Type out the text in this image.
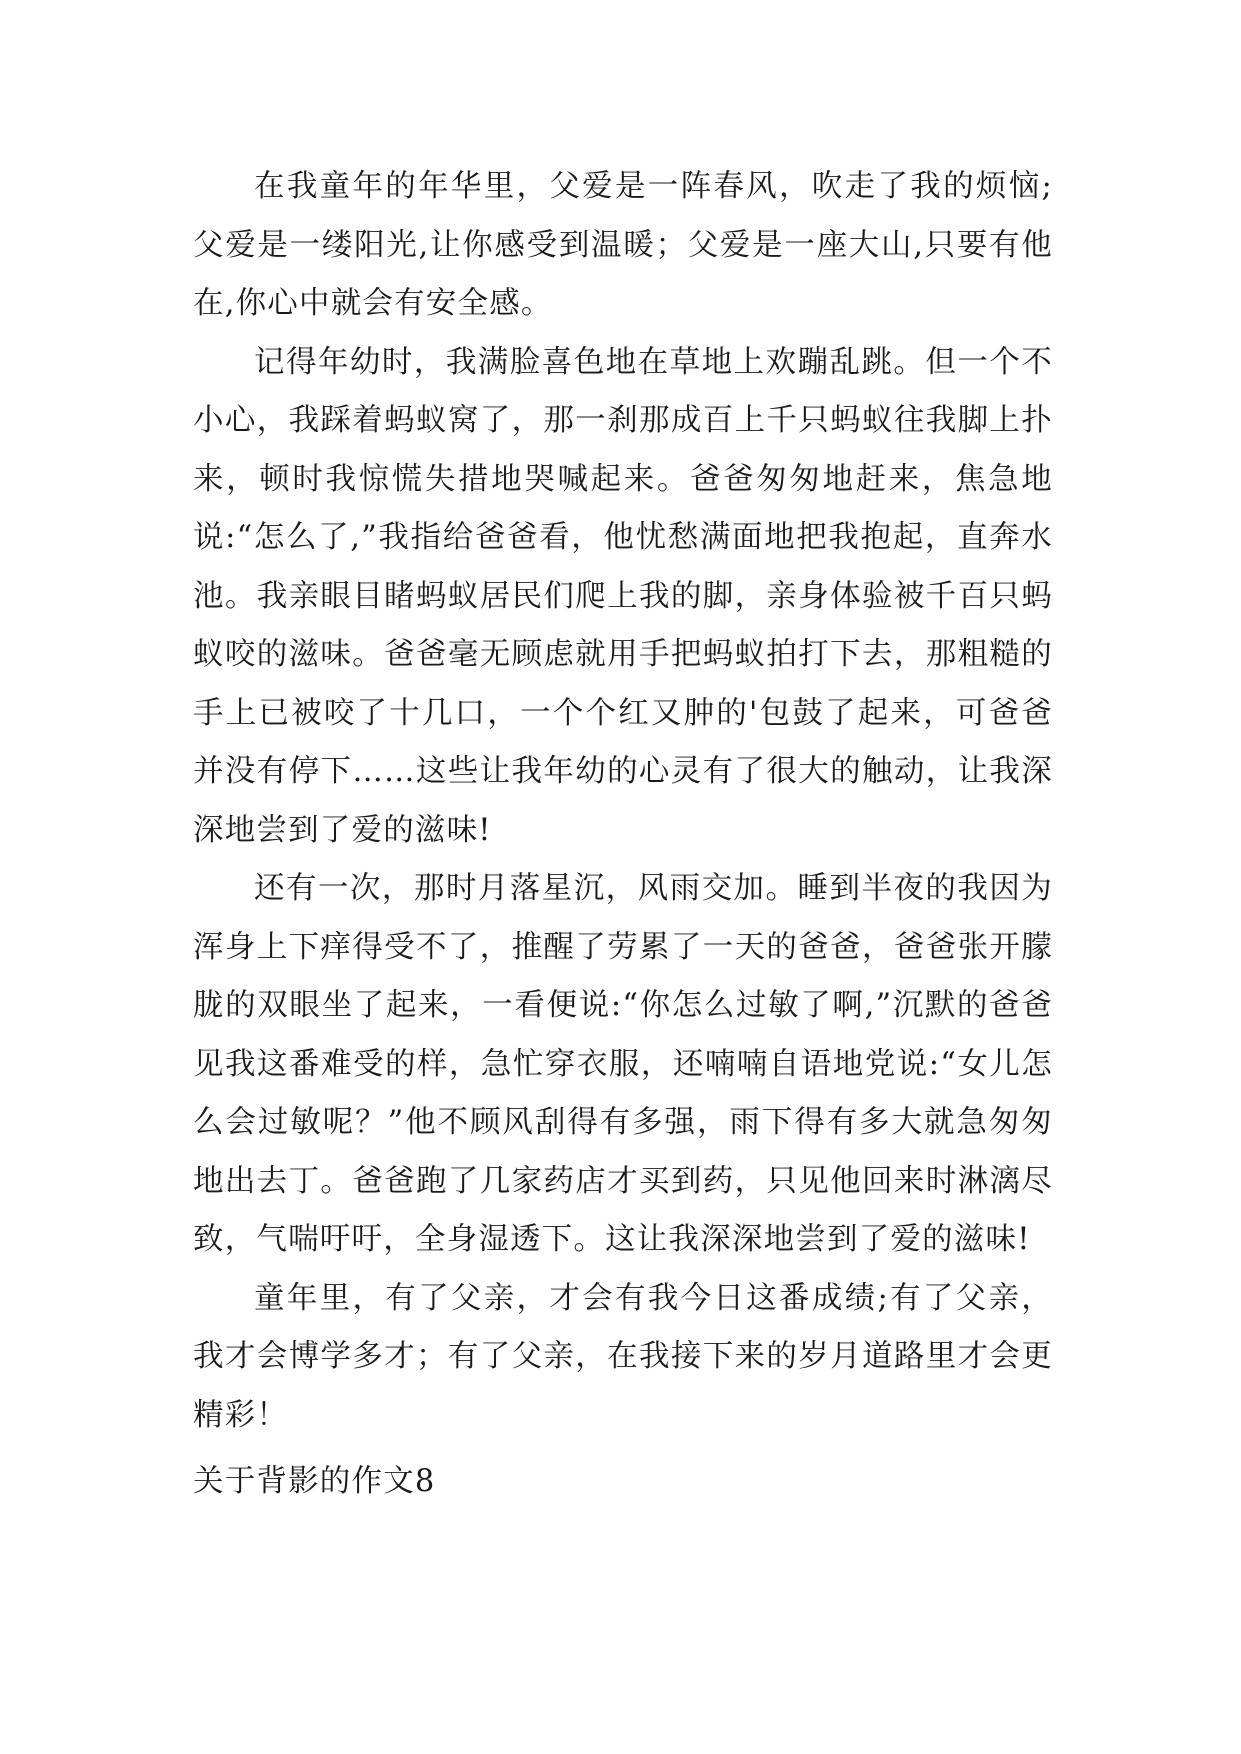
在我童年的年华里，父爱是一阵春风，吹走了我的烦恼;父爱是一缕阳光,让你感受到温暖；父爱是一座大山,只要有他在,你心中就会有安全感。

记得年幼时，我满脸喜色地在草地上欢蹦乱跳。但一个不小心，我踩着蚂蚁窝了，那一刹那成百上千只蚂蚁往我脚上扑来，顿时我惊慌失措地哭喊起来。爸爸匆匆地赶来，焦急地说:“怎么了,”我指给爸爸看，他忧愁满面地把我抱起，直奔水池。我亲眼目睹蚂蚁居民们爬上我的脚，亲身体验被千百只蚂蚁咬的滋味。爸爸毫无顾虑就用手把蚂蚁拍打下去，那粗糙的手上已被咬了十几口，一个个红又肿的'包鼓了起来，可爸爸并没有停下……这些让我年幼的心灵有了很大的触动，让我深深地尝到了爱的滋味!

还有一次，那时月落星沉，风雨交加。睡到半夜的我因为浑身上下痒得受不了，推醒了劳累了一天的爸爸，爸爸张开朦胧的双眼坐了起来，一看便说:“你怎么过敏了啊,”沉默的爸爸见我这番难受的样，急忙穿衣服，还喃喃自语地党说:“女儿怎么会过敏呢？”他不顾风刮得有多强，雨下得有多大就急匆匆地出去丁。爸爸跑了几家药店才买到药，只见他回来时淋漓尽致，气喘吁吁，全身湿透下。这让我深深地尝到了爱的滋味!

童年里，有了父亲，才会有我今日这番成绩;有了父亲，我才会博学多才；有了父亲，在我接下来的岁月道路里才会更精彩！

关于背影的作文8
